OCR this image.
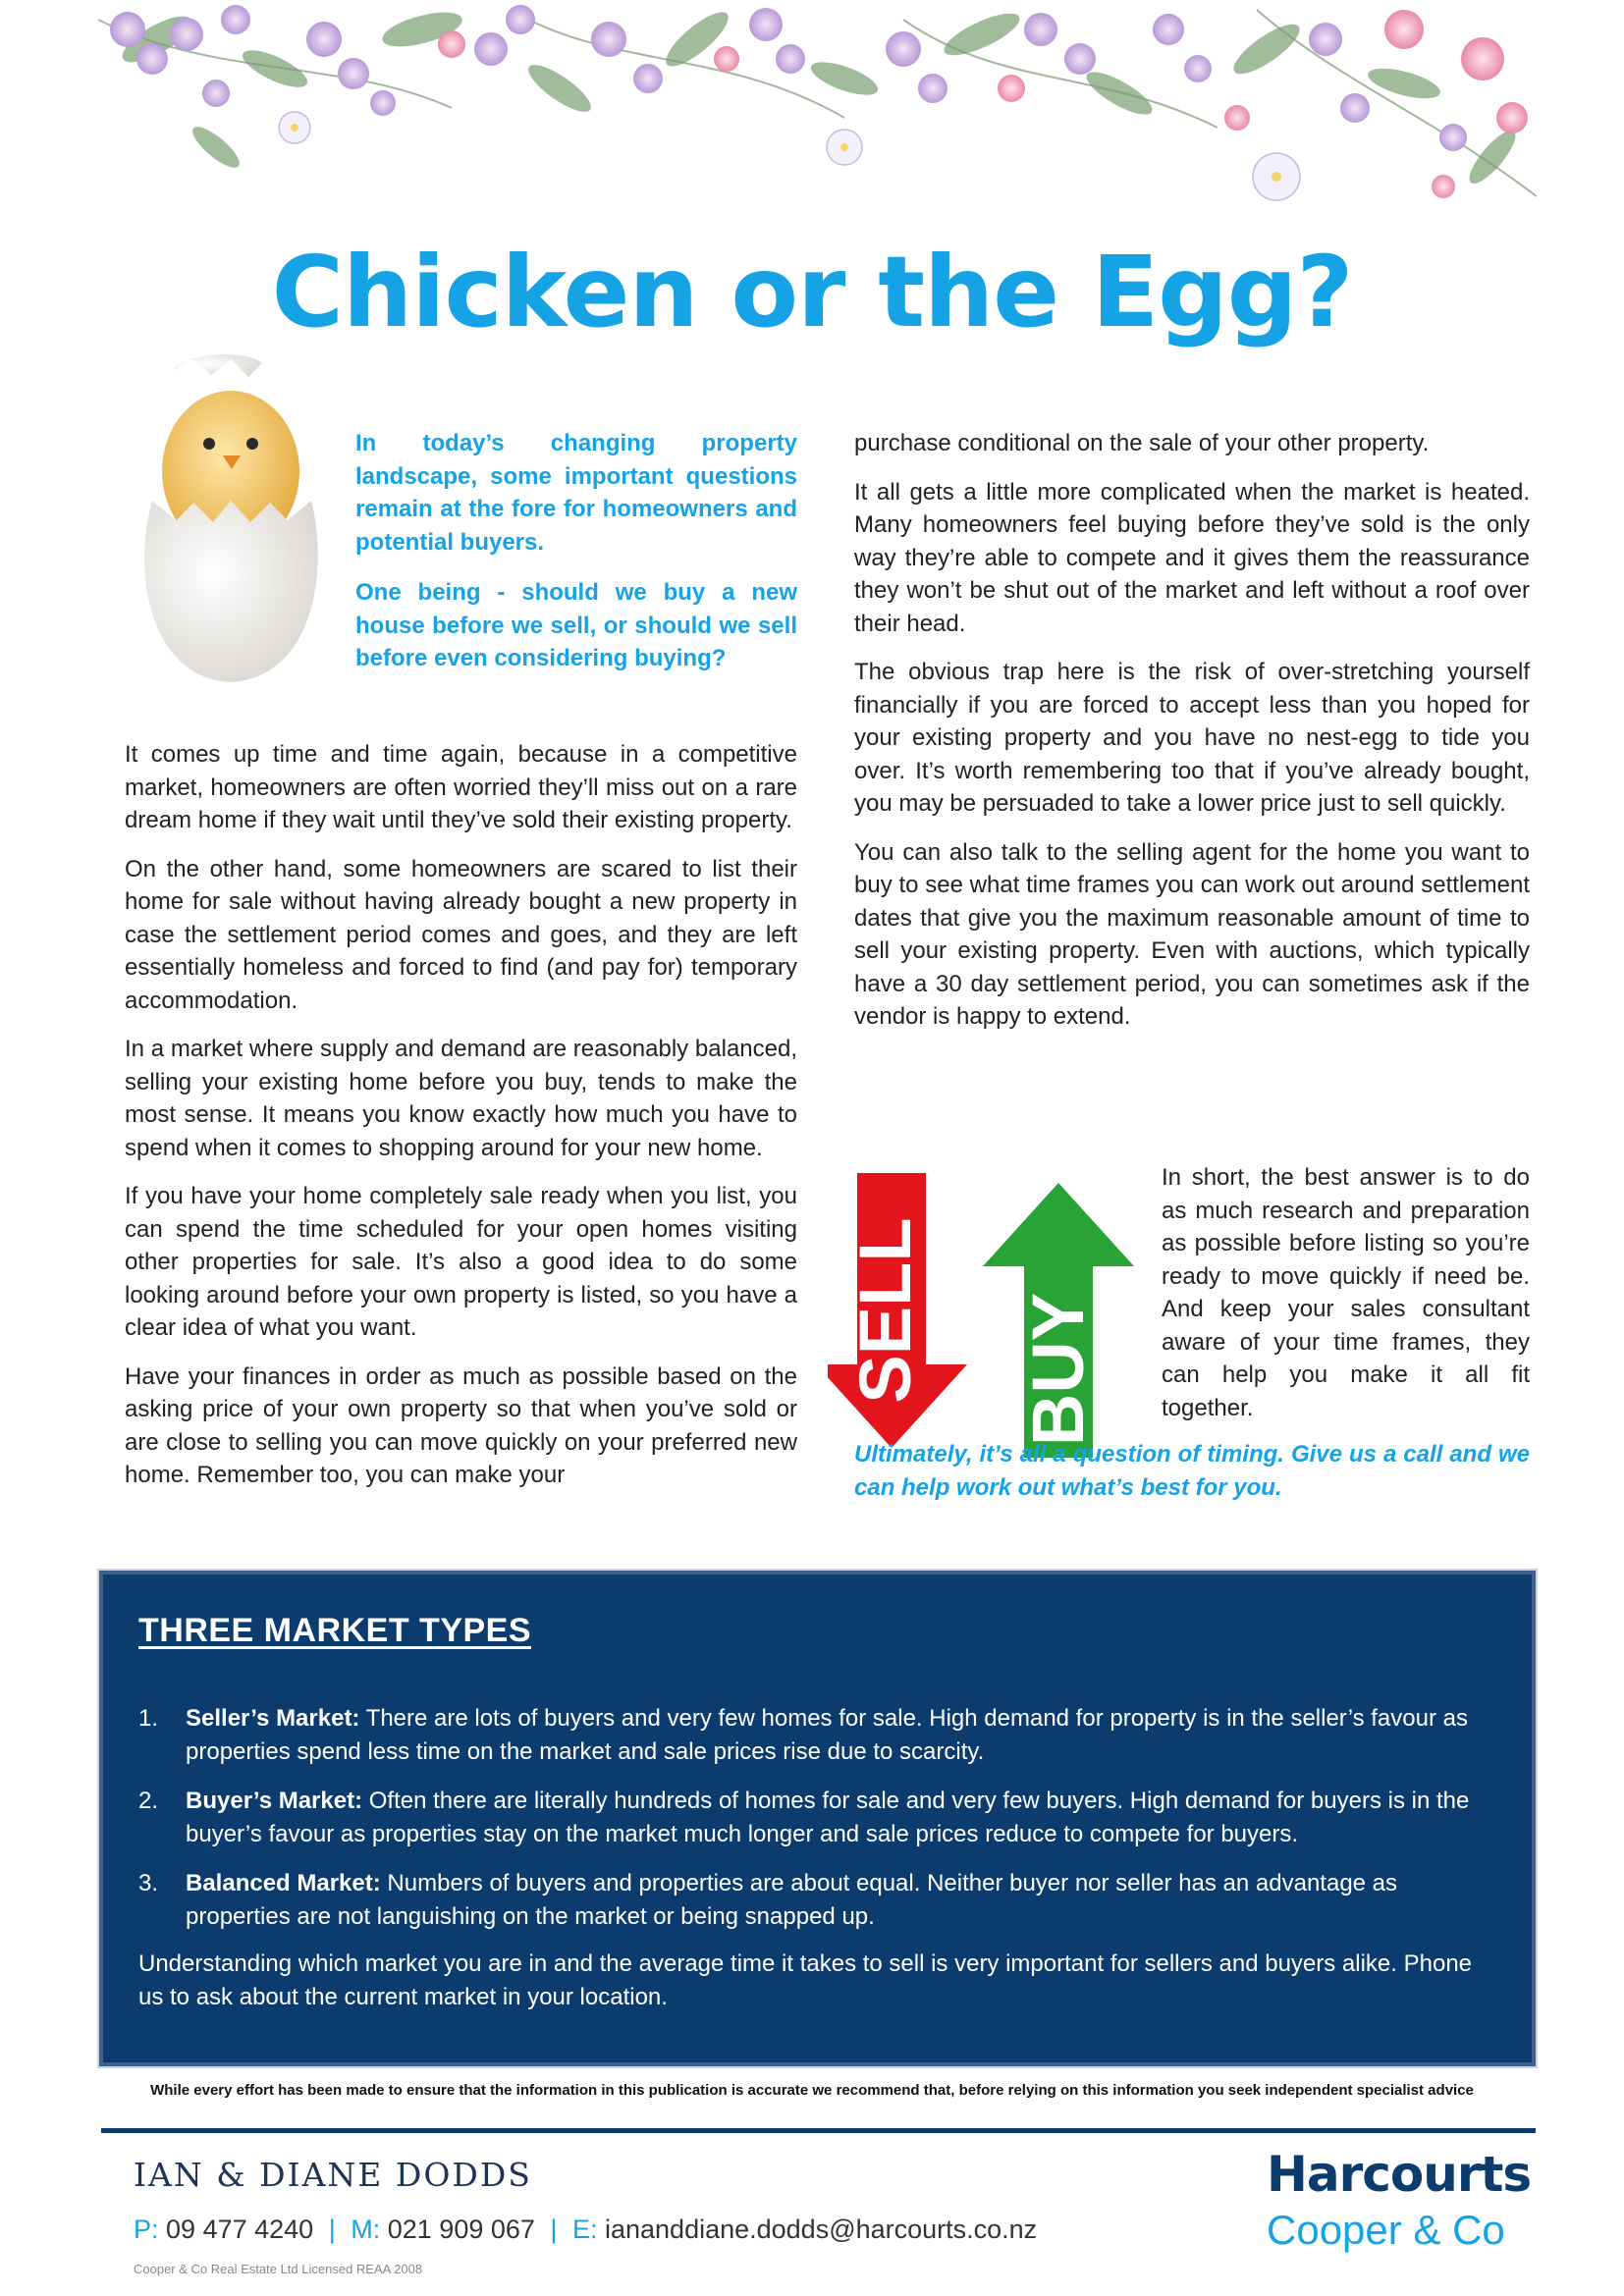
Chicken or the Egg?

In today’s changing property landscape, some important questions remain at the fore for homeowners and potential buyers.

One being - should we buy a new house before we sell, or should we sell before even considering buying?

It comes up time and time again, because in a competitive market, homeowners are often worried they’ll miss out on a rare dream home if they wait until they’ve sold their existing property.

On the other hand, some homeowners are scared to list their home for sale without having already bought a new property in case the settlement period comes and goes, and they are left essentially homeless and forced to find (and pay for) temporary accommodation.

In a market where supply and demand are reasonably balanced, selling your existing home before you buy, tends to make the most sense. It means you know exactly how much you have to spend when it comes to shopping around for your new home.

If you have your home completely sale ready when you list, you can spend the time scheduled for your open homes visiting other properties for sale. It’s also a good idea to do some looking around before your own property is listed, so you have a clear idea of what you want.

Have your finances in order as much as possible based on the asking price of your own property so that when you’ve sold or are close to selling you can move quickly on your preferred new home. Remember too, you can make your

purchase conditional on the sale of your other property.

It all gets a little more complicated when the market is heated. Many homeowners feel buying before they’ve sold is the only way they’re able to compete and it gives them the reassurance they won’t be shut out of the market and left without a roof over their head.

The obvious trap here is the risk of over-stretching yourself financially if you are forced to accept less than you hoped for your existing property and you have no nest-egg to tide you over. It’s worth remembering too that if you’ve already bought, you may be persuaded to take a lower price just to sell quickly.

You can also talk to the selling agent for the home you want to buy to see what time frames you can work out around settlement dates that give you the maximum reasonable amount of time to sell your existing property. Even with auctions, which typically have a 30 day settlement period, you can sometimes ask if the vendor is happy to extend.

SELL BUY

In short, the best answer is to do as much research and preparation as possible before listing so you’re ready to move quickly if need be. And keep your sales consultant aware of your time frames, they can help you make it all fit together.

Ultimately, it’s all a question of timing. Give us a call and we can help work out what’s best for you.
THREE MARKET TYPES
1. Seller’s Market: There are lots of buyers and very few homes for sale. High demand for property is in the seller’s favour as properties spend less time on the market and sale prices rise due to scarcity.
2. Buyer’s Market: Often there are literally hundreds of homes for sale and very few buyers. High demand for buyers is in the buyer’s favour as properties stay on the market much longer and sale prices reduce to compete for buyers.
3. Balanced Market: Numbers of buyers and properties are about equal. Neither buyer nor seller has an advantage as properties are not languishing on the market or being snapped up.

Understanding which market you are in and the average time it takes to sell is very important for sellers and buyers alike. Phone us to ask about the current market in your location.

While every effort has been made to ensure that the information in this publication is accurate we recommend that, before relying on this information you seek independent specialist advice

IAN & DIANE DODDS
P: 09 477 4240 | M: 021 909 067 | E: iananddiane.dodds@harcourts.co.nz
Cooper & Co Real Estate Ltd Licensed REAA 2008
Harcourts
Cooper & Co
